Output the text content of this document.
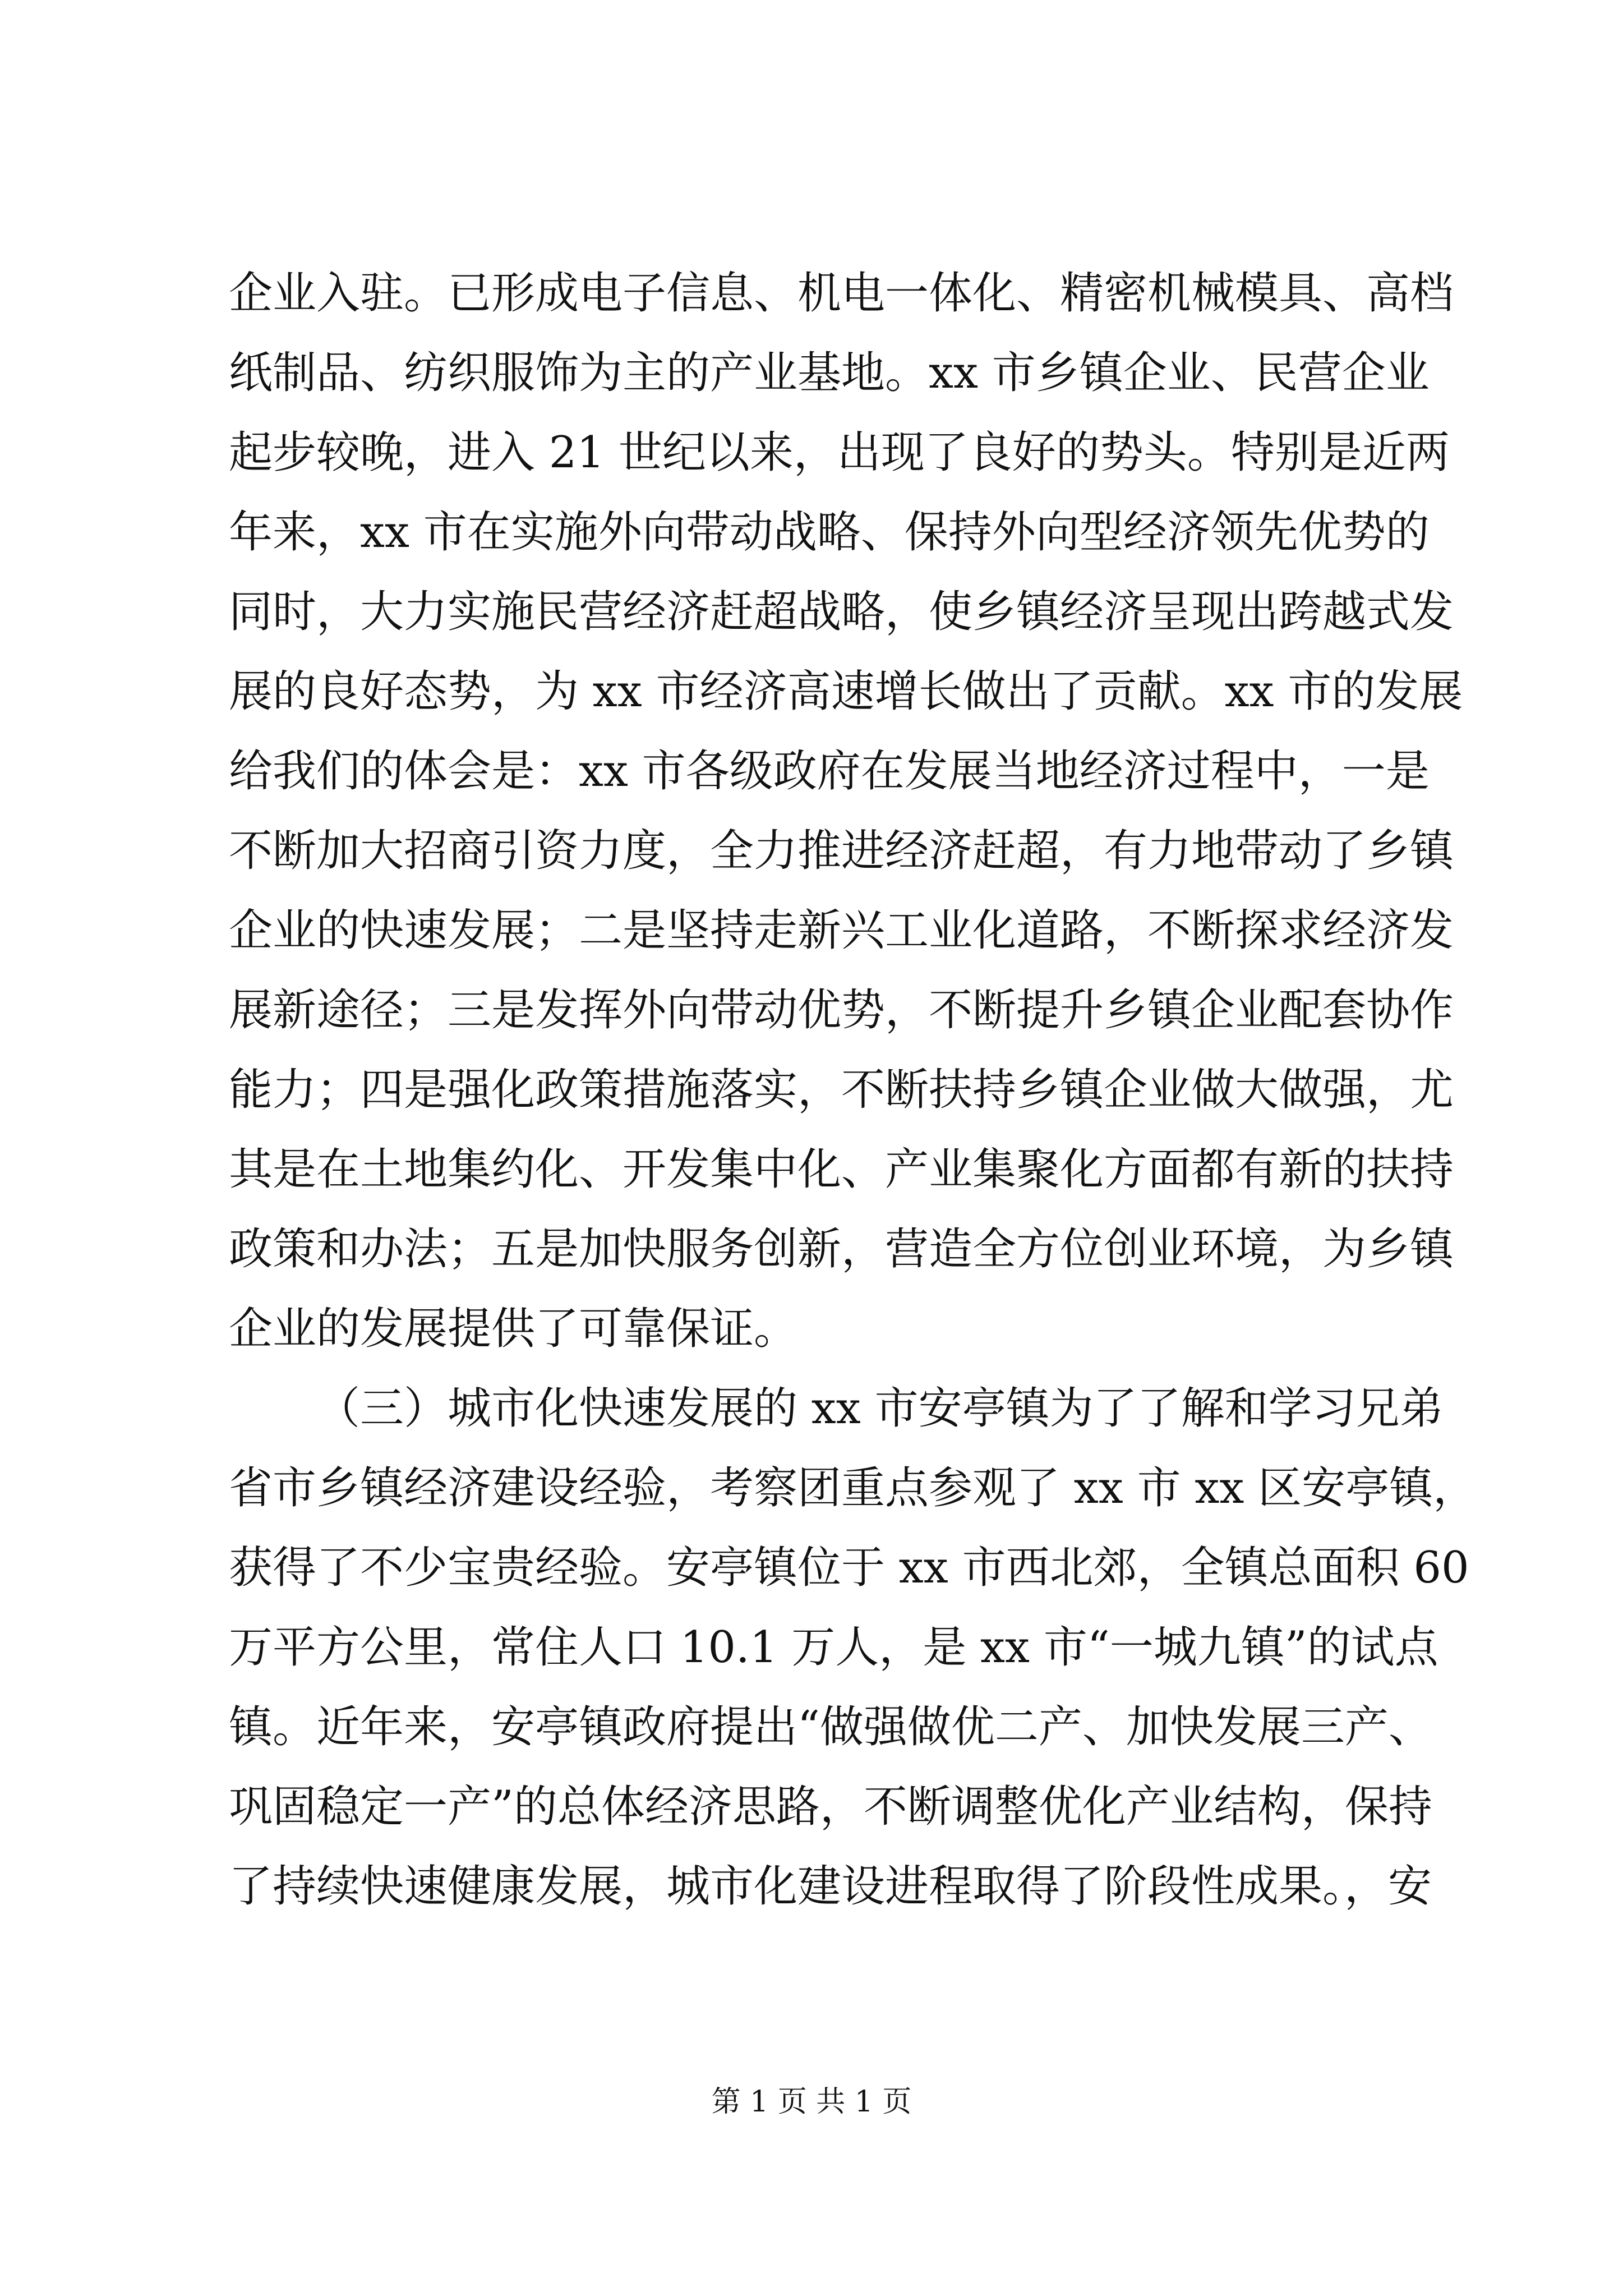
企业入驻。已形成电子信息、机电一体化、精密机械模具、高档
纸制品、纺织服饰为主的产业基地。xx 市乡镇企业、民营企业
起步较晚，进入 21 世纪以来，出现了良好的势头。特别是近两
年来，xx 市在实施外向带动战略、保持外向型经济领先优势的
同时，大力实施民营经济赶超战略，使乡镇经济呈现出跨越式发
展的良好态势，为 xx 市经济高速增长做出了贡献。xx 市的发展
给我们的体会是：xx 市各级政府在发展当地经济过程中，一是
不断加大招商引资力度，全力推进经济赶超，有力地带动了乡镇
企业的快速发展；二是坚持走新兴工业化道路，不断探求经济发
展新途径；三是发挥外向带动优势，不断提升乡镇企业配套协作
能力；四是强化政策措施落实，不断扶持乡镇企业做大做强，尤
其是在土地集约化、开发集中化、产业集聚化方面都有新的扶持
政策和办法；五是加快服务创新，营造全方位创业环境，为乡镇
企业的发展提供了可靠保证。
（三）城市化快速发展的 xx 市安亭镇为了了解和学习兄弟
省市乡镇经济建设经验，考察团重点参观了 xx 市 xx 区安亭镇，
获得了不少宝贵经验。安亭镇位于 xx 市西北郊，全镇总面积 60
万平方公里，常住人口 10.1 万人，是 xx 市“一城九镇”的试点
镇。近年来，安亭镇政府提出“做强做优二产、加快发展三产、
巩固稳定一产”的总体经济思路，不断调整优化产业结构，保持
了持续快速健康发展，城市化建设进程取得了阶段性成果。，安
第 1 页 共 1 页
